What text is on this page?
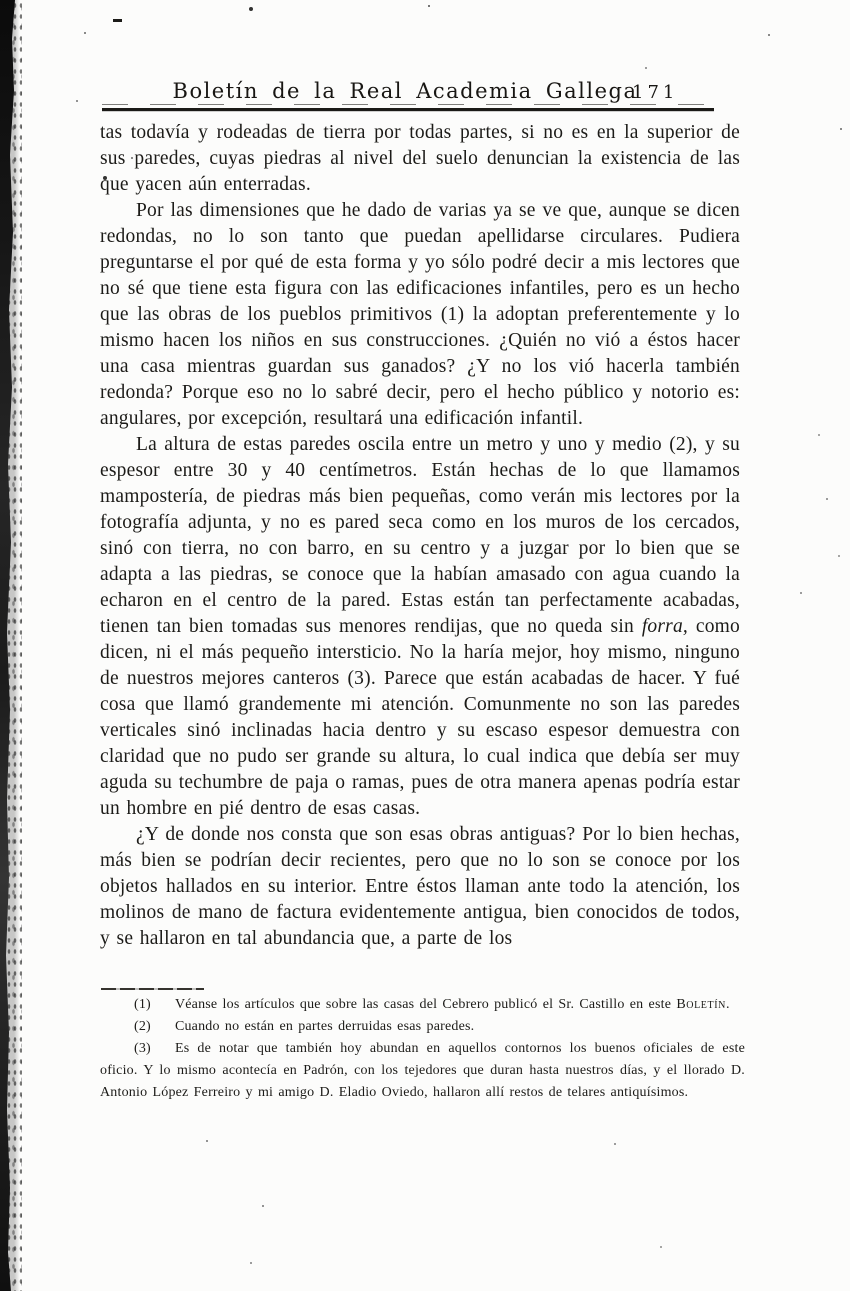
Boletín de la Real Academia Gallega
171

tas todavía y rodeadas de tierra por todas partes, si no es en la superior de sus paredes, cuyas piedras al nivel del suelo denuncian la existencia de las que yacen aún enterradas.

Por las dimensiones que he dado de varias ya se ve que, aunque se dicen redondas, no lo son tanto que puedan apellidarse circulares. Pudiera preguntarse el por qué de esta forma y yo sólo podré decir a mis lectores que no sé que tiene esta figura con las edificaciones infantiles, pero es un hecho que las obras de los pueblos primitivos (1) la adoptan preferentemente y lo mismo hacen los niños en sus construcciones. ¿Quién no vió a éstos hacer una casa mientras guardan sus ganados? ¿Y no los vió hacerla también redonda? Porque eso no lo sabré decir, pero el hecho público y notorio es: angulares, por excepción, resultará una edificación infantil.

La altura de estas paredes oscila entre un metro y uno y medio (2), y su espesor entre 30 y 40 centímetros. Están hechas de lo que llamamos mampostería, de piedras más bien pequeñas, como verán mis lectores por la fotografía adjunta, y no es pared seca como en los muros de los cercados, sinó con tierra, no con barro, en su centro y a juzgar por lo bien que se adapta a las piedras, se conoce que la habían amasado con agua cuando la echaron en el centro de la pared. Estas están tan perfectamente acabadas, tienen tan bien tomadas sus menores rendijas, que no queda sin forra, como dicen, ni el más pequeño intersticio. No la haría mejor, hoy mismo, ninguno de nuestros mejores canteros (3). Parece que están acabadas de hacer. Y fué cosa que llamó grandemente mi atención. Comunmente no son las paredes verticales sinó inclinadas hacia dentro y su escaso espesor demuestra con claridad que no pudo ser grande su altura, lo cual indica que debía ser muy aguda su techumbre de paja o ramas, pues de otra manera apenas podría estar un hombre en pié dentro de esas casas.

¿Y de donde nos consta que son esas obras antiguas? Por lo bien hechas, más bien se podrían decir recientes, pero que no lo son se conoce por los objetos hallados en su interior. Entre éstos llaman ante todo la atención, los molinos de mano de factura evidentemente antigua, bien conocidos de todos, y se hallaron en tal abundancia que, a parte de los

(1) Véanse los artículos que sobre las casas del Cebrero publicó el Sr. Castillo en este Boletín.

(2) Cuando no están en partes derruidas esas paredes.

(3) Es de notar que también hoy abundan en aquellos contornos los buenos oficiales de este oficio. Y lo mismo acontecía en Padrón, con los tejedores que duran hasta nuestros días, y el llorado D. Antonio López Ferreiro y mi amigo D. Eladio Oviedo, hallaron allí restos de telares antiquísimos.
